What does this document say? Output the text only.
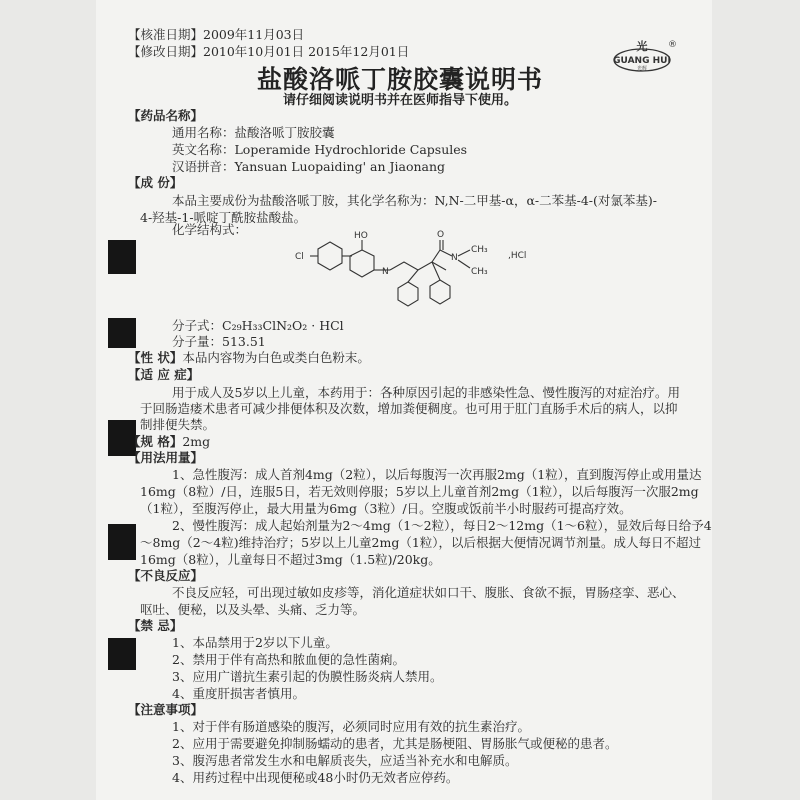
【核准日期】2009年11月03日
【修改日期】2010年10月01日 2015年12月01日	®
光
GUANG HUI
光辉
盐酸洛哌丁胺胶囊说明书
请仔细阅读说明书并在医师指导下使用。
【药品名称】
通用名称：盐酸洛哌丁胺胶囊
英文名称：Loperamide Hydrochloride Capsules
汉语拼音：Yansuan Luopaiding' an Jiaonang
【成 份】
本品主要成份为盐酸洛哌丁胺，其化学名称为：N,N-二甲基-α，α-二苯基-4-(对氯苯基)-
4-羟基-1-哌啶丁酰胺盐酸盐。
化学结构式：
Cl
HO
N
O
N
CH₃
CH₃
,HCl
分子式：C₂₉H₃₃ClN₂O₂ · HCl
分子量：513.51
【性 状】本品内容物为白色或类白色粉末。
【适 应 症】
用于成人及5岁以上儿童，本药用于：各种原因引起的非感染性急、慢性腹泻的对症治疗。用
于回肠造瘘术患者可减少排便体积及次数，增加粪便稠度。也可用于肛门直肠手术后的病人，以抑
制排便失禁。
【规 格】2mg
【用法用量】
1、急性腹泻：成人首剂4mg（2粒），以后每腹泻一次再服2mg（1粒），直到腹泻停止或用量达
16mg（8粒）/日，连服5日，若无效则停服；5岁以上儿童首剂2mg（1粒），以后每腹泻一次服2mg
（1粒），至腹泻停止，最大用量为6mg（3粒）/日。空腹或饭前半小时服药可提高疗效。
2、慢性腹泻：成人起始剂量为2～4mg（1～2粒），每日2～12mg（1～6粒），显效后每日给予4
～8mg（2～4粒)维持治疗；5岁以上儿童2mg（1粒），以后根据大便情况调节剂量。成人每日不超过
16mg（8粒），儿童每日不超过3mg（1.5粒)/20kg。
【不良反应】
不良反应轻，可出现过敏如皮疹等，消化道症状如口干、腹胀、食欲不振，胃肠痉挛、恶心、
呕吐、便秘，以及头晕、头痛、乏力等。
【禁 忌】
1、本品禁用于2岁以下儿童。
2、禁用于伴有高热和脓血便的急性菌痢。
3、应用广谱抗生素引起的伪膜性肠炎病人禁用。
4、重度肝损害者慎用。
【注意事项】
1、对于伴有肠道感染的腹泻，必须同时应用有效的抗生素治疗。
2、应用于需要避免抑制肠蠕动的患者，尤其是肠梗阻、胃肠胀气或便秘的患者。
3、腹泻患者常发生水和电解质丧失，应适当补充水和电解质。
4、用药过程中出现便秘或48小时仍无效者应停药。
